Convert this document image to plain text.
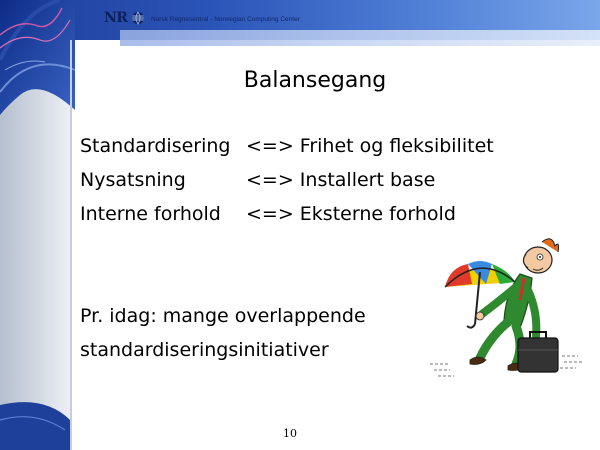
NR	Norsk Regnesentral - Norwegian Computing Center
Balansegang
Standardisering <=> Frihet og fleksibilitet
Nysatsning	<=> Installert base
Interne forhold <=> Eksterne forhold
Pr. idag: mange overlappende
standardiseringsinitiativer
10
